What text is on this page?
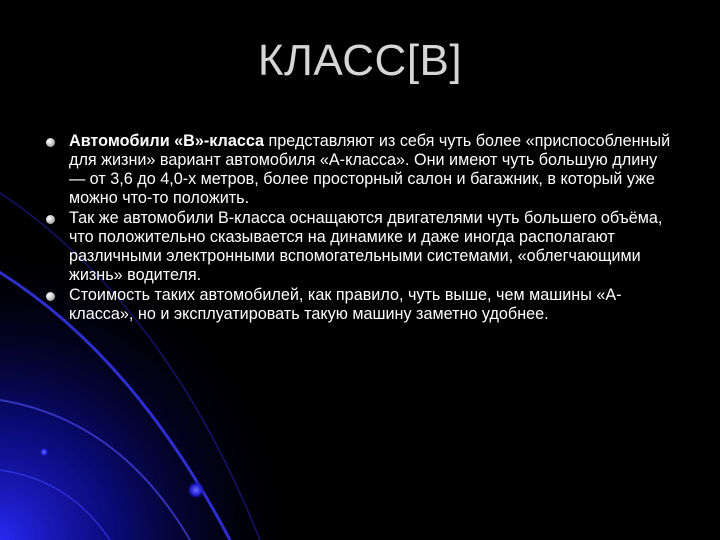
КЛАСС[В]
Автомобили «В»-класса представляют из себя чуть более «приспособленный для жизни» вариант автомобиля «А-класса». Они имеют чуть большую длину — от 3,6 до 4,0-х метров, более просторный салон и багажник, в который уже можно что-то положить.
Так же автомобили В-класса оснащаются двигателями чуть большего объёма, что положительно сказывается на динамике и даже иногда располагают различными электронными вспомогательными системами, «облегчающими жизнь» водителя.
Стоимость таких автомобилей, как правило, чуть выше, чем машины «А-класса», но и эксплуатировать такую машину заметно удобнее.
